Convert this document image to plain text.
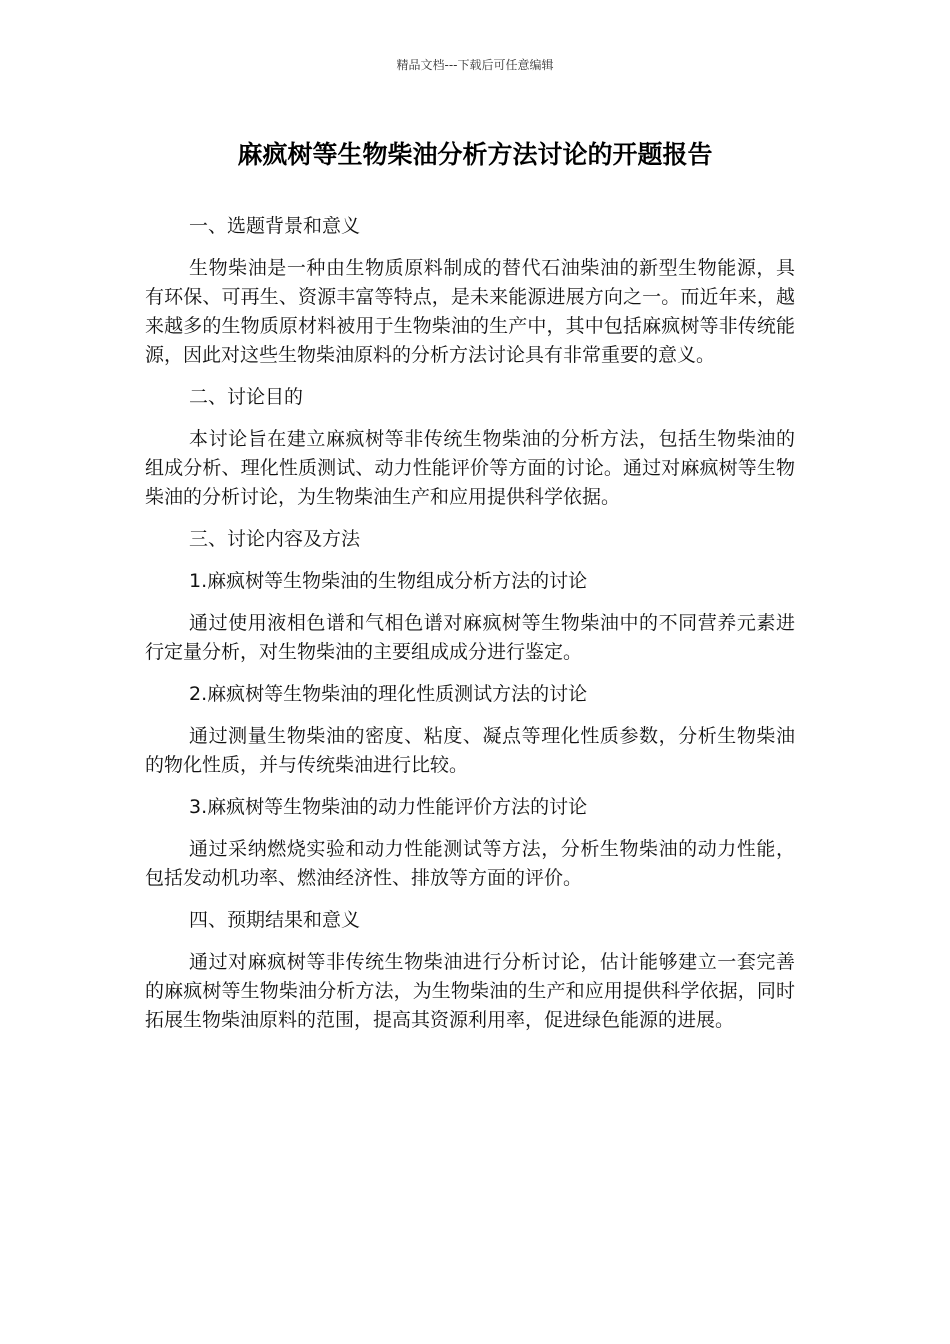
精品文档---下载后可任意编辑
麻疯树等生物柴油分析方法讨论的开题报告
一、选题背景和意义

生物柴油是一种由生物质原料制成的替代石油柴油的新型生物能源，具有环保、可再生、资源丰富等特点，是未来能源进展方向之一。而近年来，越来越多的生物质原材料被用于生物柴油的生产中，其中包括麻疯树等非传统能源，因此对这些生物柴油原料的分析方法讨论具有非常重要的意义。

二、讨论目的

本讨论旨在建立麻疯树等非传统生物柴油的分析方法，包括生物柴油的组成分析、理化性质测试、动力性能评价等方面的讨论。通过对麻疯树等生物柴油的分析讨论，为生物柴油生产和应用提供科学依据。

三、讨论内容及方法
1.麻疯树等生物柴油的生物组成分析方法的讨论

通过使用液相色谱和气相色谱对麻疯树等生物柴油中的不同营养元素进行定量分析，对生物柴油的主要组成成分进行鉴定。

2.麻疯树等生物柴油的理化性质测试方法的讨论

通过测量生物柴油的密度、粘度、凝点等理化性质参数，分析生物柴油的物化性质，并与传统柴油进行比较。

3.麻疯树等生物柴油的动力性能评价方法的讨论

通过采纳燃烧实验和动力性能测试等方法，分析生物柴油的动力性能，包括发动机功率、燃油经济性、排放等方面的评价。

四、预期结果和意义

通过对麻疯树等非传统生物柴油进行分析讨论，估计能够建立一套完善的麻疯树等生物柴油分析方法，为生物柴油的生产和应用提供科学依据，同时拓展生物柴油原料的范围，提高其资源利用率，促进绿色能源的进展。
